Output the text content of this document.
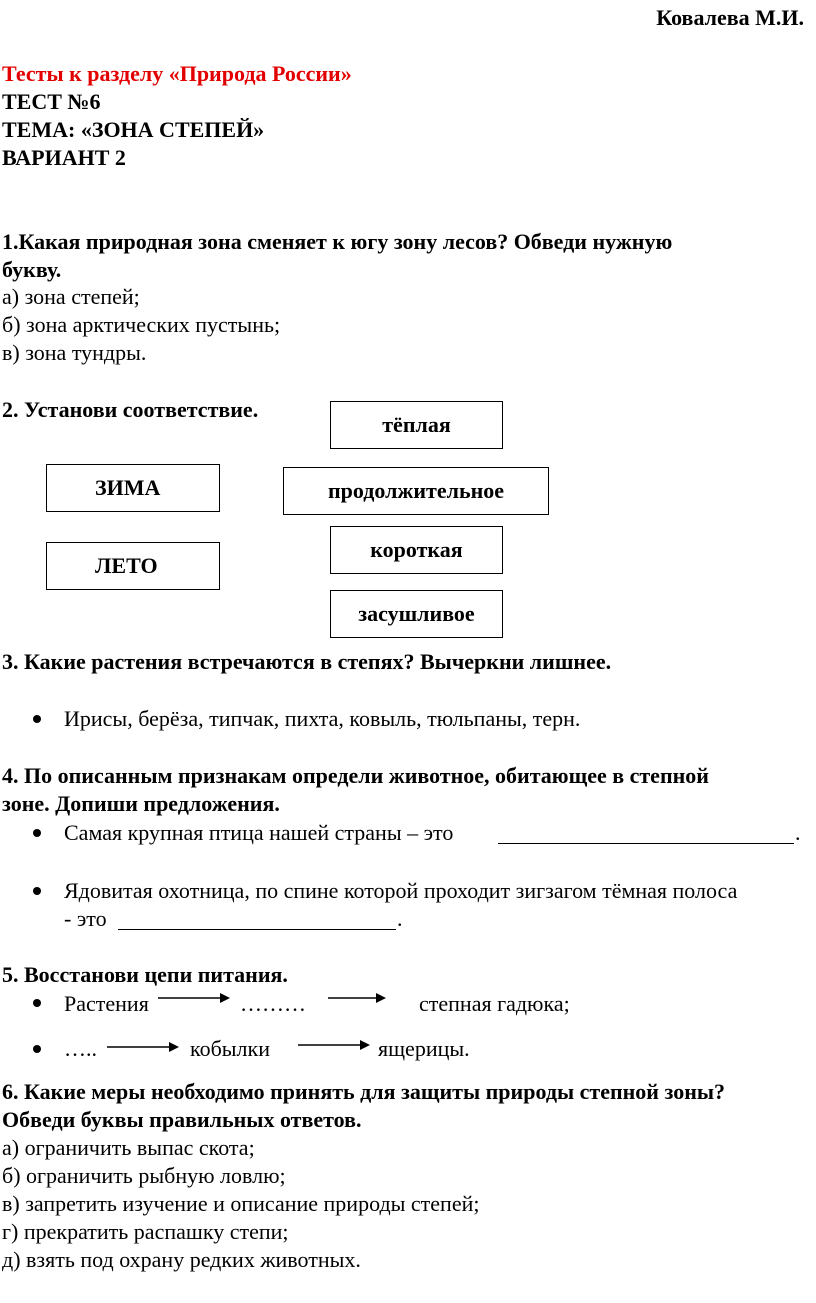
Ковалева М.И.
Тесты к разделу «Природа России»
ТЕСТ №6
ТЕМА: «ЗОНА СТЕПЕЙ»
ВАРИАНТ 2
1.Какая природная зона сменяет к югу зону лесов? Обведи нужную
букву.
а) зона степей;
б) зона арктических пустынь;
в) зона тундры.
2. Установи соответствие.
тёплая
ЗИМА	продолжительное
короткая
ЛЕТО
засушливое
3. Какие растения встречаются в степях? Вычеркни лишнее.
Ирисы, берёза, типчак, пихта, ковыль, тюльпаны, терн.
4. По описанным признакам определи животное, обитающее в степной
зоне. Допиши предложения.
Самая крупная птица нашей страны – это	.
Ядовитая охотница, по спине которой проходит зигзагом тёмная полоса
- это	.
5. Восстанови цепи питания.
Растения	………	степная гадюка;
…..	кобылки	ящерицы.
6. Какие меры необходимо принять для защиты природы степной зоны?
Обведи буквы правильных ответов.
а) ограничить выпас скота;
б) ограничить рыбную ловлю;
в) запретить изучение и описание природы степей;
г) прекратить распашку степи;
д) взять под охрану редких животных.
